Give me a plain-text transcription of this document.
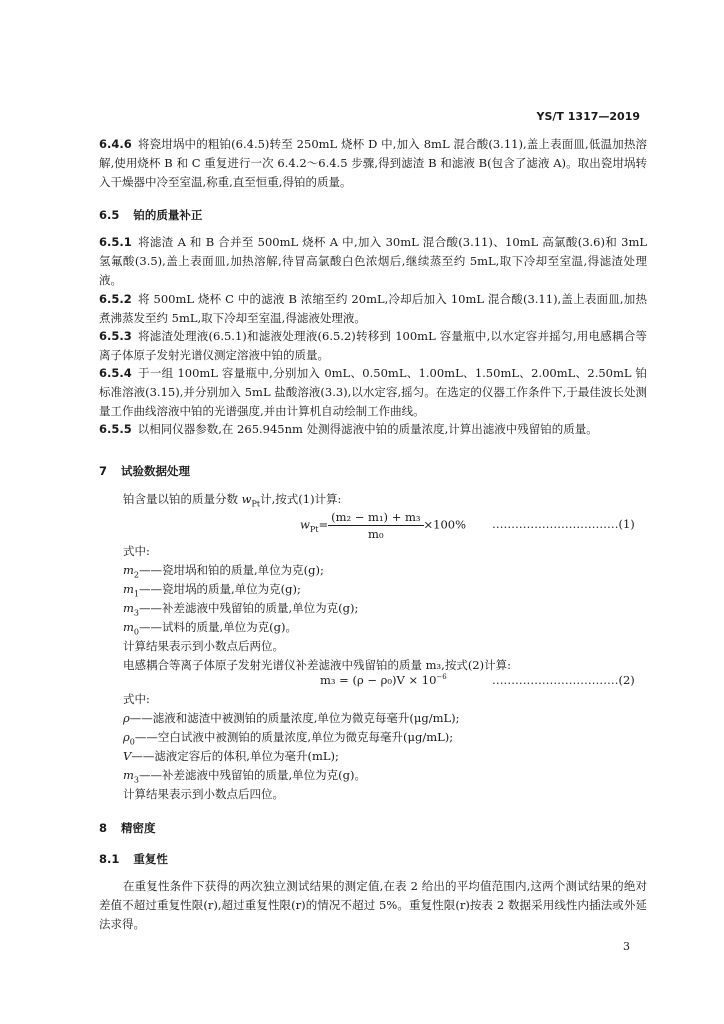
YS/T 1317—2019
6.4.6 将瓷坩埚中的粗铂(6.4.5)转至 250mL 烧杯 D 中,加入 8mL 混合酸(3.11),盖上表面皿,低温加热溶解,使用烧杯 B 和 C 重复进行一次 6.4.2～6.4.5 步骤,得到滤渣 B 和滤液 B(包含了滤液 A)。取出瓷坩埚转入干燥器中冷至室温,称重,直至恒重,得铂的质量。
6.5 铂的质量补正
6.5.1 将滤渣 A 和 B 合并至 500mL 烧杯 A 中,加入 30mL 混合酸(3.11)、10mL 高氯酸(3.6)和 3mL 氢氟酸(3.5),盖上表面皿,加热溶解,待冒高氯酸白色浓烟后,继续蒸至约 5mL,取下冷却至室温,得滤渣处理液。
6.5.2 将 500mL 烧杯 C 中的滤液 B 浓缩至约 20mL,冷却后加入 10mL 混合酸(3.11),盖上表面皿,加热煮沸蒸发至约 5mL,取下冷却至室温,得滤液处理液。
6.5.3 将滤渣处理液(6.5.1)和滤液处理液(6.5.2)转移到 100mL 容量瓶中,以水定容并摇匀,用电感耦合等离子体原子发射光谱仪测定溶液中铂的质量。
6.5.4 于一组 100mL 容量瓶中,分别加入 0mL、0.50mL、1.00mL、1.50mL、2.00mL、2.50mL 铂标准溶液(3.15),并分别加入 5mL 盐酸溶液(3.3),以水定容,摇匀。在选定的仪器工作条件下,于最佳波长处测量工作曲线溶液中铂的光谱强度,并由计算机自动绘制工作曲线。
6.5.5 以相同仪器参数,在 265.945nm 处测得滤液中铂的质量浓度,计算出滤液中残留铂的质量。
7 试验数据处理
铂含量以铂的质量分数 $w_{Pt}$计,按式(1)计算:
$w_{Pt}= \frac{\text{(m₂ − m₁) + m₃}}{\text{m₀}} \times 100\%$ ……………………………(1)
式中:
$m_2——$瓷坩埚和铂的质量,单位为克(g);
$m_1——$瓷坩埚的质量,单位为克(g);
$m_3——$补差滤液中残留铂的质量,单位为克(g);
$m_0——$试料的质量,单位为克(g)。
计算结果表示到小数点后两位。
电感耦合等离子体原子发射光谱仪补差滤液中残留铂的质量 m₃,按式(2)计算:
$m_3 = (\rho - \rho_0)V \times 10^{-6}$	……………………………(2)
式中:
ρ——滤液和滤渣中被测铂的质量浓度,单位为微克每毫升(μg/mL);
$\rho_0——$空白试液中被测铂的质量浓度,单位为微克每毫升(μg/mL);
V——滤液定容后的体积,单位为毫升(mL);
$m_3——$补差滤液中残留铂的质量,单位为克(g)。
计算结果表示到小数点后四位。
8 精密度
8.1 重复性
在重复性条件下获得的两次独立测试结果的测定值,在表 2 给出的平均值范围内,这两个测试结果的绝对差值不超过重复性限(r),超过重复性限(r)的情况不超过 5%。重复性限(r)按表 2 数据采用线性内插法或外延法求得。
3
